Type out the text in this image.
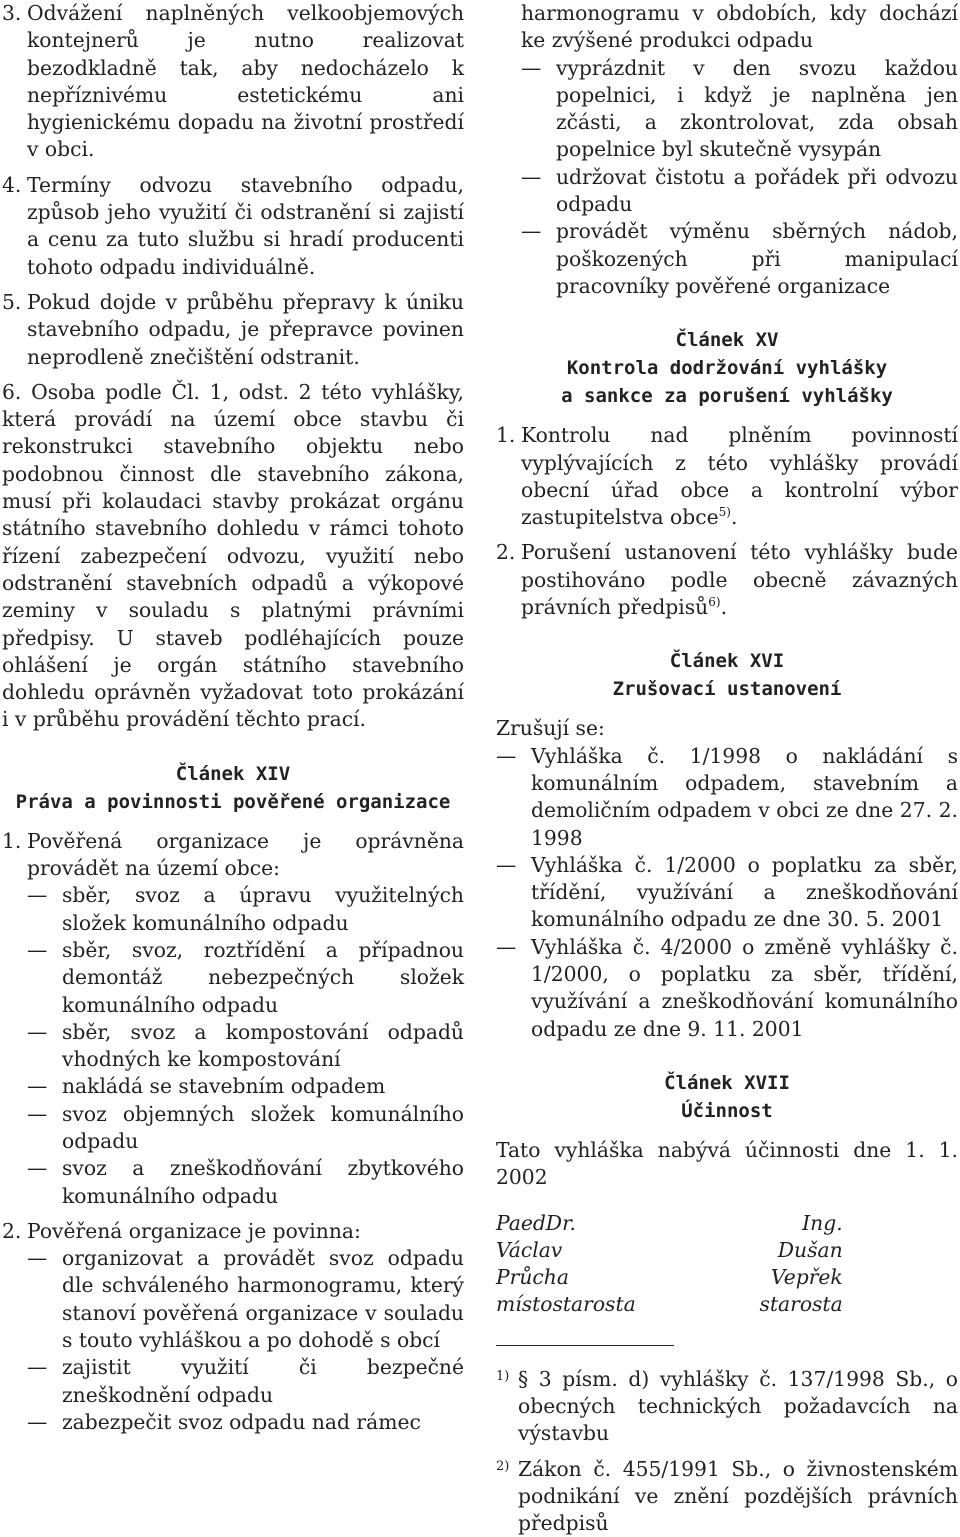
3. Odvážení naplněných velkoobjemových kontejnerů je nutno realizovat bezodkladně tak, aby nedocházelo k nepříznivému estetickému ani hygienickému dopadu na životní prostředí v obci.
4. Termíny odvozu stavebního odpadu, způsob jeho využití či odstranění si zajistí a cenu za tuto službu si hradí producenti tohoto odpadu individuálně.
5. Pokud dojde v průběhu přepravy k úniku stavebního odpadu, je přepravce povinen neprodleně znečištění odstranit.

6. Osoba podle Čl. 1, odst. 2 této vyhlášky, která provádí na území obce stavbu či rekonstrukci stavebního objektu nebo podobnou činnost dle stavebního zákona, musí při kolaudaci stavby prokázat orgánu státního stavebního dohledu v rámci tohoto řízení zabezpečení odvozu, využití nebo odstranění stavebních odpadů a výkopové zeminy v souladu s platnými právními předpisy. U staveb podléhajících pouze ohlášení je orgán státního stavebního dohledu oprávněn vyžadovat toto prokázání i v průběhu provádění těchto prací.

Článek XIV

Práva a povinnosti pověřené organizace

1. Pověřená organizace je oprávněna provádět na území obce:
— sběr, svoz a úpravu využitelných složek komunálního odpadu
— sběr, svoz, roztřídění a případnou demontáž nebezpečných složek komunálního odpadu
— sběr, svoz a kompostování odpadů vhodných ke kompostování
— nakládá se stavebním odpadem
— svoz objemných složek komunálního odpadu
— svoz a zneškodňování zbytkového komunálního odpadu
2. Pověřená organizace je povinna:
— organizovat a provádět svoz odpadu dle schváleného harmonogramu, který stanoví pověřená organizace v souladu s touto vyhláškou a po dohodě s obcí
— zajistit využití či bezpečné zneškodnění odpadu
— zabezpečit svoz odpadu nad rámec

harmonogramu v obdobích, kdy dochází ke zvýšené produkci odpadu

— vyprázdnit v den svozu každou popelnici, i když je naplněna jen zčásti, a zkontrolovat, zda obsah popelnice byl skutečně vysypán
— udržovat čistotu a pořádek při odvozu odpadu
— provádět výměnu sběrných nádob, poškozených při manipulací pracovníky pověřené organizace

Článek XV

Kontrola dodržování vyhlášky

a sankce za porušení vyhlášky

1. Kontrolu nad plněním povinností vyplývajících z této vyhlášky provádí obecní úřad obce a kontrolní výbor zastupitelstva obce$^{5)}$.
2. Porušení ustanovení této vyhlášky bude postihováno podle obecně závazných právních předpisů$^{6)}$.

Článek XVI

Zrušovací ustanovení

Zrušují se:

— Vyhláška č. 1/1998 o nakládání s komunálním odpadem, stavebním a demoličním odpadem v obci ze dne 27. 2. 1998
— Vyhláška č. 1/2000 o poplatku za sběr, třídění, využívání a zneškodňování komunálního odpadu ze dne 30. 5. 2001
— Vyhláška č. 4/2000 o změně vyhlášky č. 1/2000, o poplatku za sběr, třídění, využívání a zneškodňování komunálního odpadu ze dne 9. 11. 2001

Článek XVII

Účinnost

Tato vyhláška nabývá účinnosti dne 1. 1. 2002

PaedDr. Václav Průcha
místostarosta
Ing. Dušan Vepřek
starosta
1) § 3 písm. d) vyhlášky č. 137/1998 Sb., o obecných technických požadavcích na výstavbu
2) Zákon č. 455/1991 Sb., o živnostenském podnikání ve znění pozdějších právních předpisů
